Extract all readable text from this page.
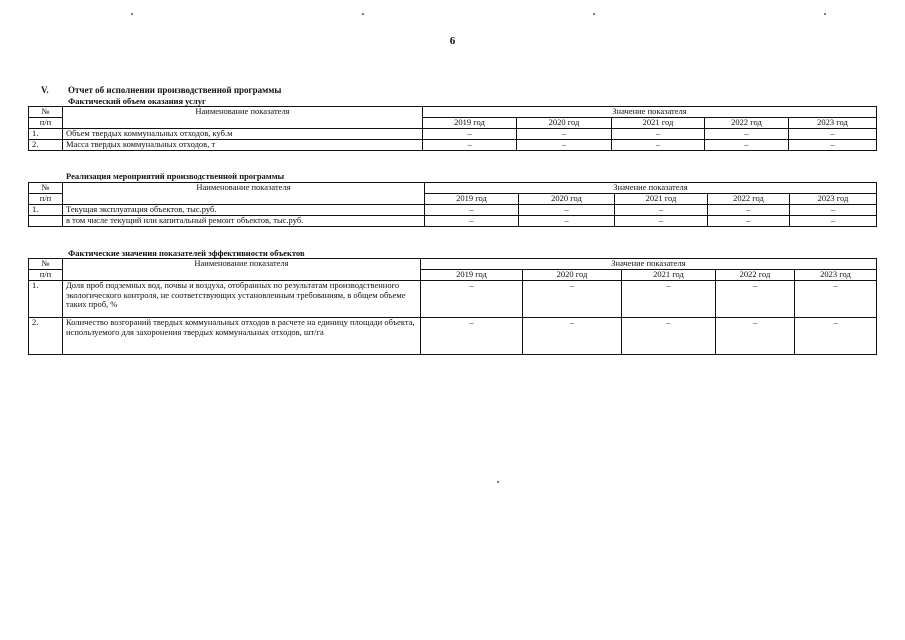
6
V. Отчет об исполнении производственной программы
Фактический объем оказания услуг
№	Наименование показателя	Значение показателя				
п/п		2019 год	2020 год	2021 год	2022 год	2023 год
1.	Объем твердых коммунальных отходов, куб.м	–	–	–	–	–
2.	Масса твердых коммунальных отходов, т	–	–	–	–	–
Реализация мероприятий производственной программы
№	Наименование показателя	Значение показателя				
п/п		2019 год	2020 год	2021 год	2022 год	2023 год
1.	Текущая эксплуатация объектов, тыс.руб.	–	–	–	–	–
	в том числе текущий или капитальный ремонт объектов, тыс.руб.	–	–	–	–	–
Фактические значения показателей эффективности объектов
№	Наименование показателя	Значение показателя				
п/п		2019 год	2020 год	2021 год	2022 год	2023 год
1.	Доля проб подземных вод, почвы и воздуха, отобранных по результатам производственного экологического контроля, не соответствующих установленным требованиям, в общем объеме таких проб, %	–	–	–	–	–
2.	Количество возгораний твердых коммунальных отходов в расчете на единицу площади объекта, используемого для захоронения твердых коммунальных отходов, шт/га	–	–	–	–	–
